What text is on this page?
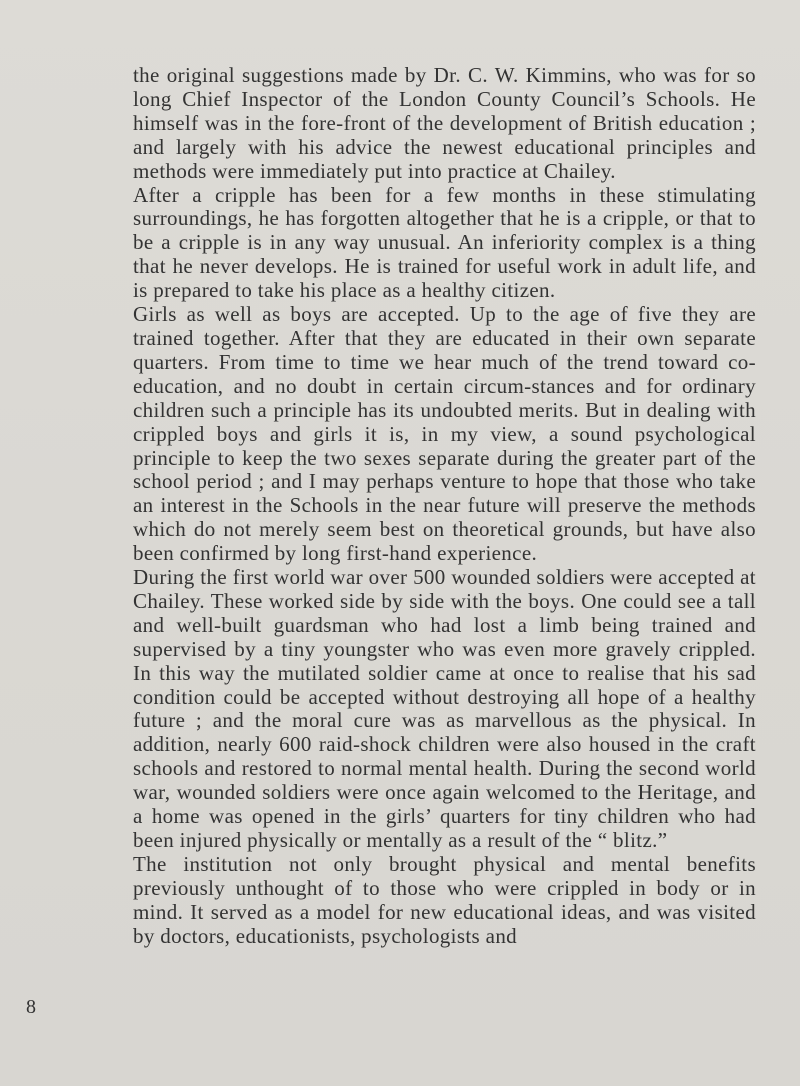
the original suggestions made by Dr. C. W. Kimmins, who was for so long Chief Inspector of the London County Council’s Schools. He himself was in the fore-front of the development of British education ; and largely with his advice the newest educational principles and methods were immediately put into practice at Chailey.

After a cripple has been for a few months in these stimulating surroundings, he has forgotten altogether that he is a cripple, or that to be a cripple is in any way unusual. An inferiority complex is a thing that he never develops. He is trained for useful work in adult life, and is prepared to take his place as a healthy citizen.

Girls as well as boys are accepted. Up to the age of five they are trained together. After that they are educated in their own separate quarters. From time to time we hear much of the trend toward co-education, and no doubt in certain circum-stances and for ordinary children such a principle has its undoubted merits. But in dealing with crippled boys and girls it is, in my view, a sound psychological principle to keep the two sexes separate during the greater part of the school period ; and I may perhaps venture to hope that those who take an interest in the Schools in the near future will preserve the methods which do not merely seem best on theoretical grounds, but have also been confirmed by long first-hand experience.

During the first world war over 500 wounded soldiers were accepted at Chailey. These worked side by side with the boys. One could see a tall and well-built guardsman who had lost a limb being trained and supervised by a tiny youngster who was even more gravely crippled. In this way the mutilated soldier came at once to realise that his sad condition could be accepted without destroying all hope of a healthy future ; and the moral cure was as marvellous as the physical. In addition, nearly 600 raid-shock children were also housed in the craft schools and restored to normal mental health. During the second world war, wounded soldiers were once again welcomed to the Heritage, and a home was opened in the girls’ quarters for tiny children who had been injured physically or mentally as a result of the “ blitz.”

The institution not only brought physical and mental benefits previously unthought of to those who were crippled in body or in mind. It served as a model for new educational ideas, and was visited by doctors, educationists, psychologists and

8
